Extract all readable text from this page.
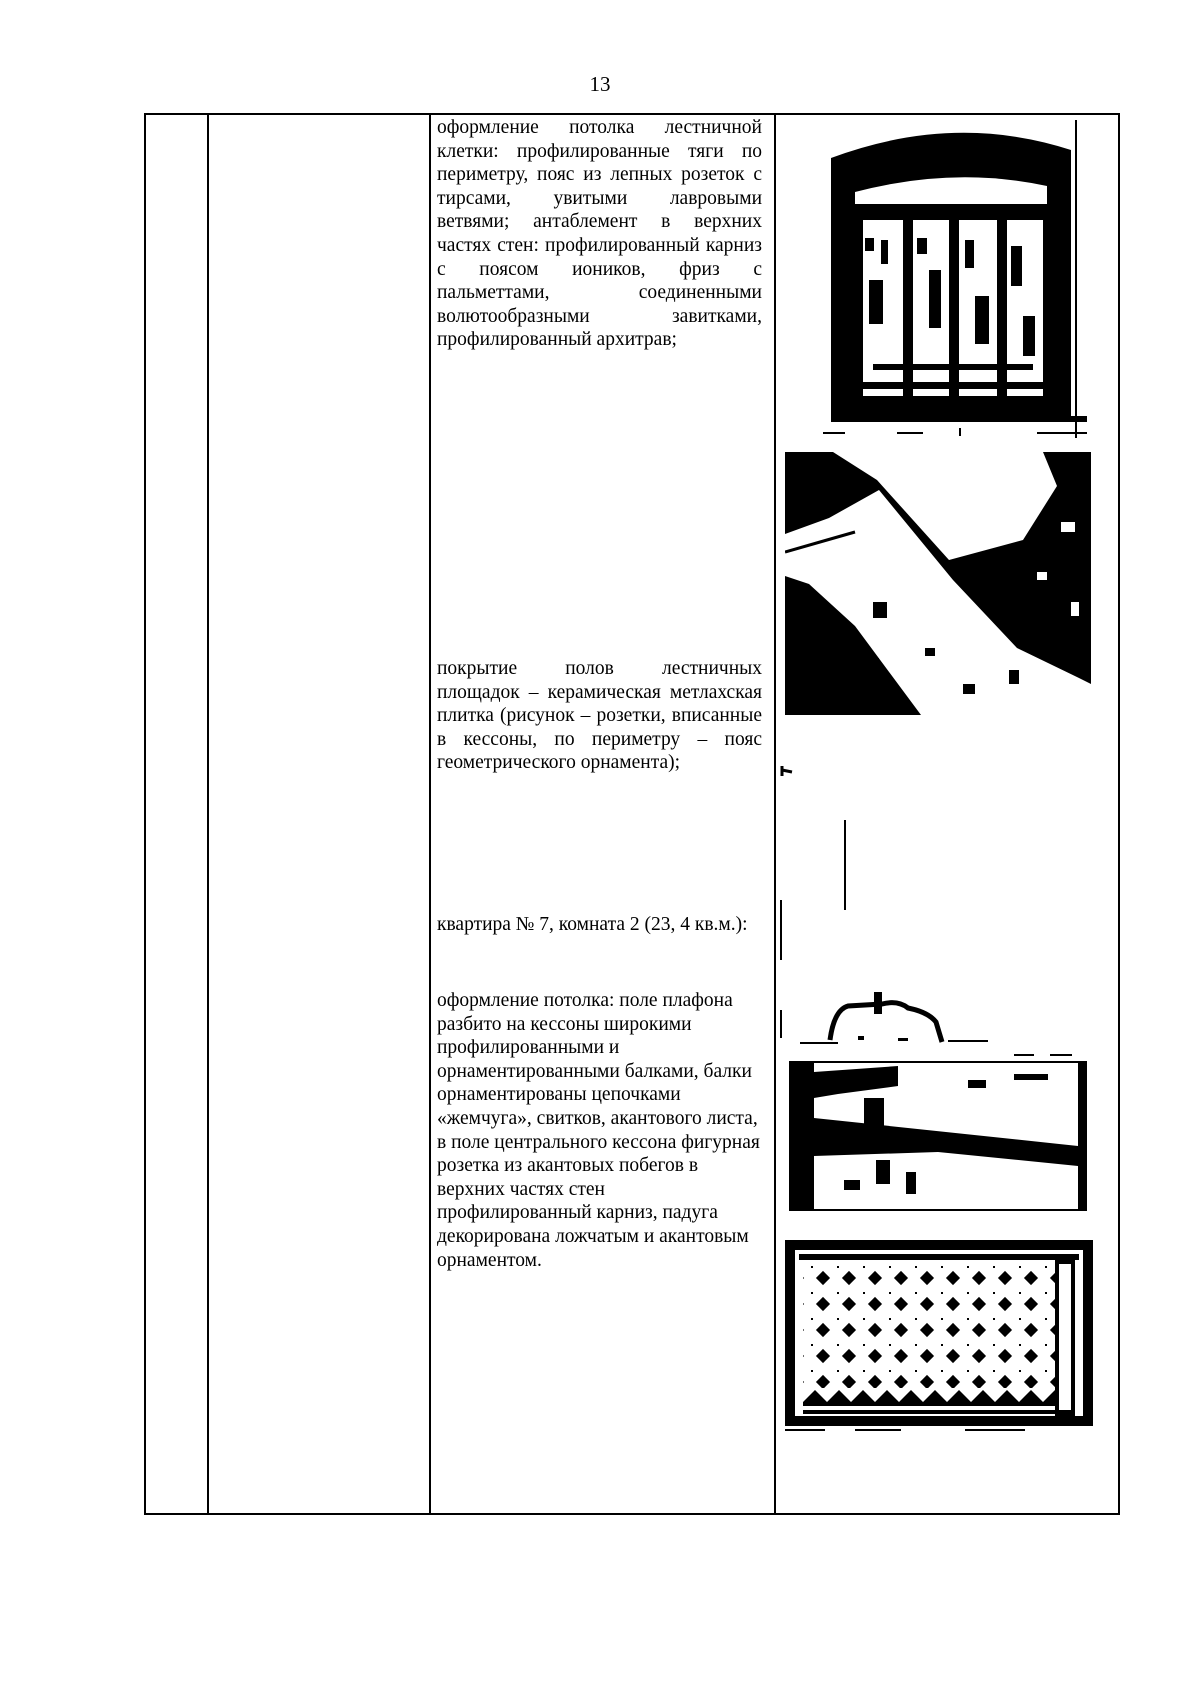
13
оформление потолка лестничной клетки: профилированные тяги по периметру, пояс из лепных розеток с тирсами, увитыми лавровыми ветвями; антаблемент в верхних частях стен: профилированный карниз с поясом иоников, фриз с пальметтами, соединенными волютообразными завитками, профилированный архитрав;
покрытие полов лестничных площадок – керамическая метлахская плитка (рисунок – розетки, вписанные в кессоны, по периметру – пояс геометрического орнамента);
квартира № 7, комната 2 (23, 4 кв.м.):
оформление потолка: поле плафона разбито на кессоны широкими профилированными и орнаментированными балками, балки орнаментированы цепочками «жемчуга», свитков, акантового листа, в поле центрального кессона фигурная розетка из акантовых побегов в верхних частях стен профилированный карниз, падуга декорирована ложчатым и акантовым орнаментом.
